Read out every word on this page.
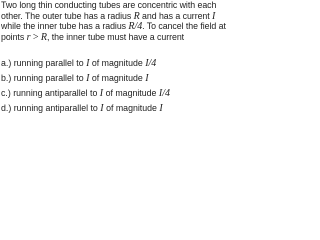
Two long thin conducting tubes are concentric with each
other. The outer tube has a radius R and has a current I
while the inner tube has a radius R/4. To cancel the field at
points r > R, the inner tube must have a current
a.) running parallel to I of magnitude I/4
b.) running parallel to I of magnitude I
c.) running antiparallel to I of magnitude I/4
d.) running antiparallel to I of magnitude I
